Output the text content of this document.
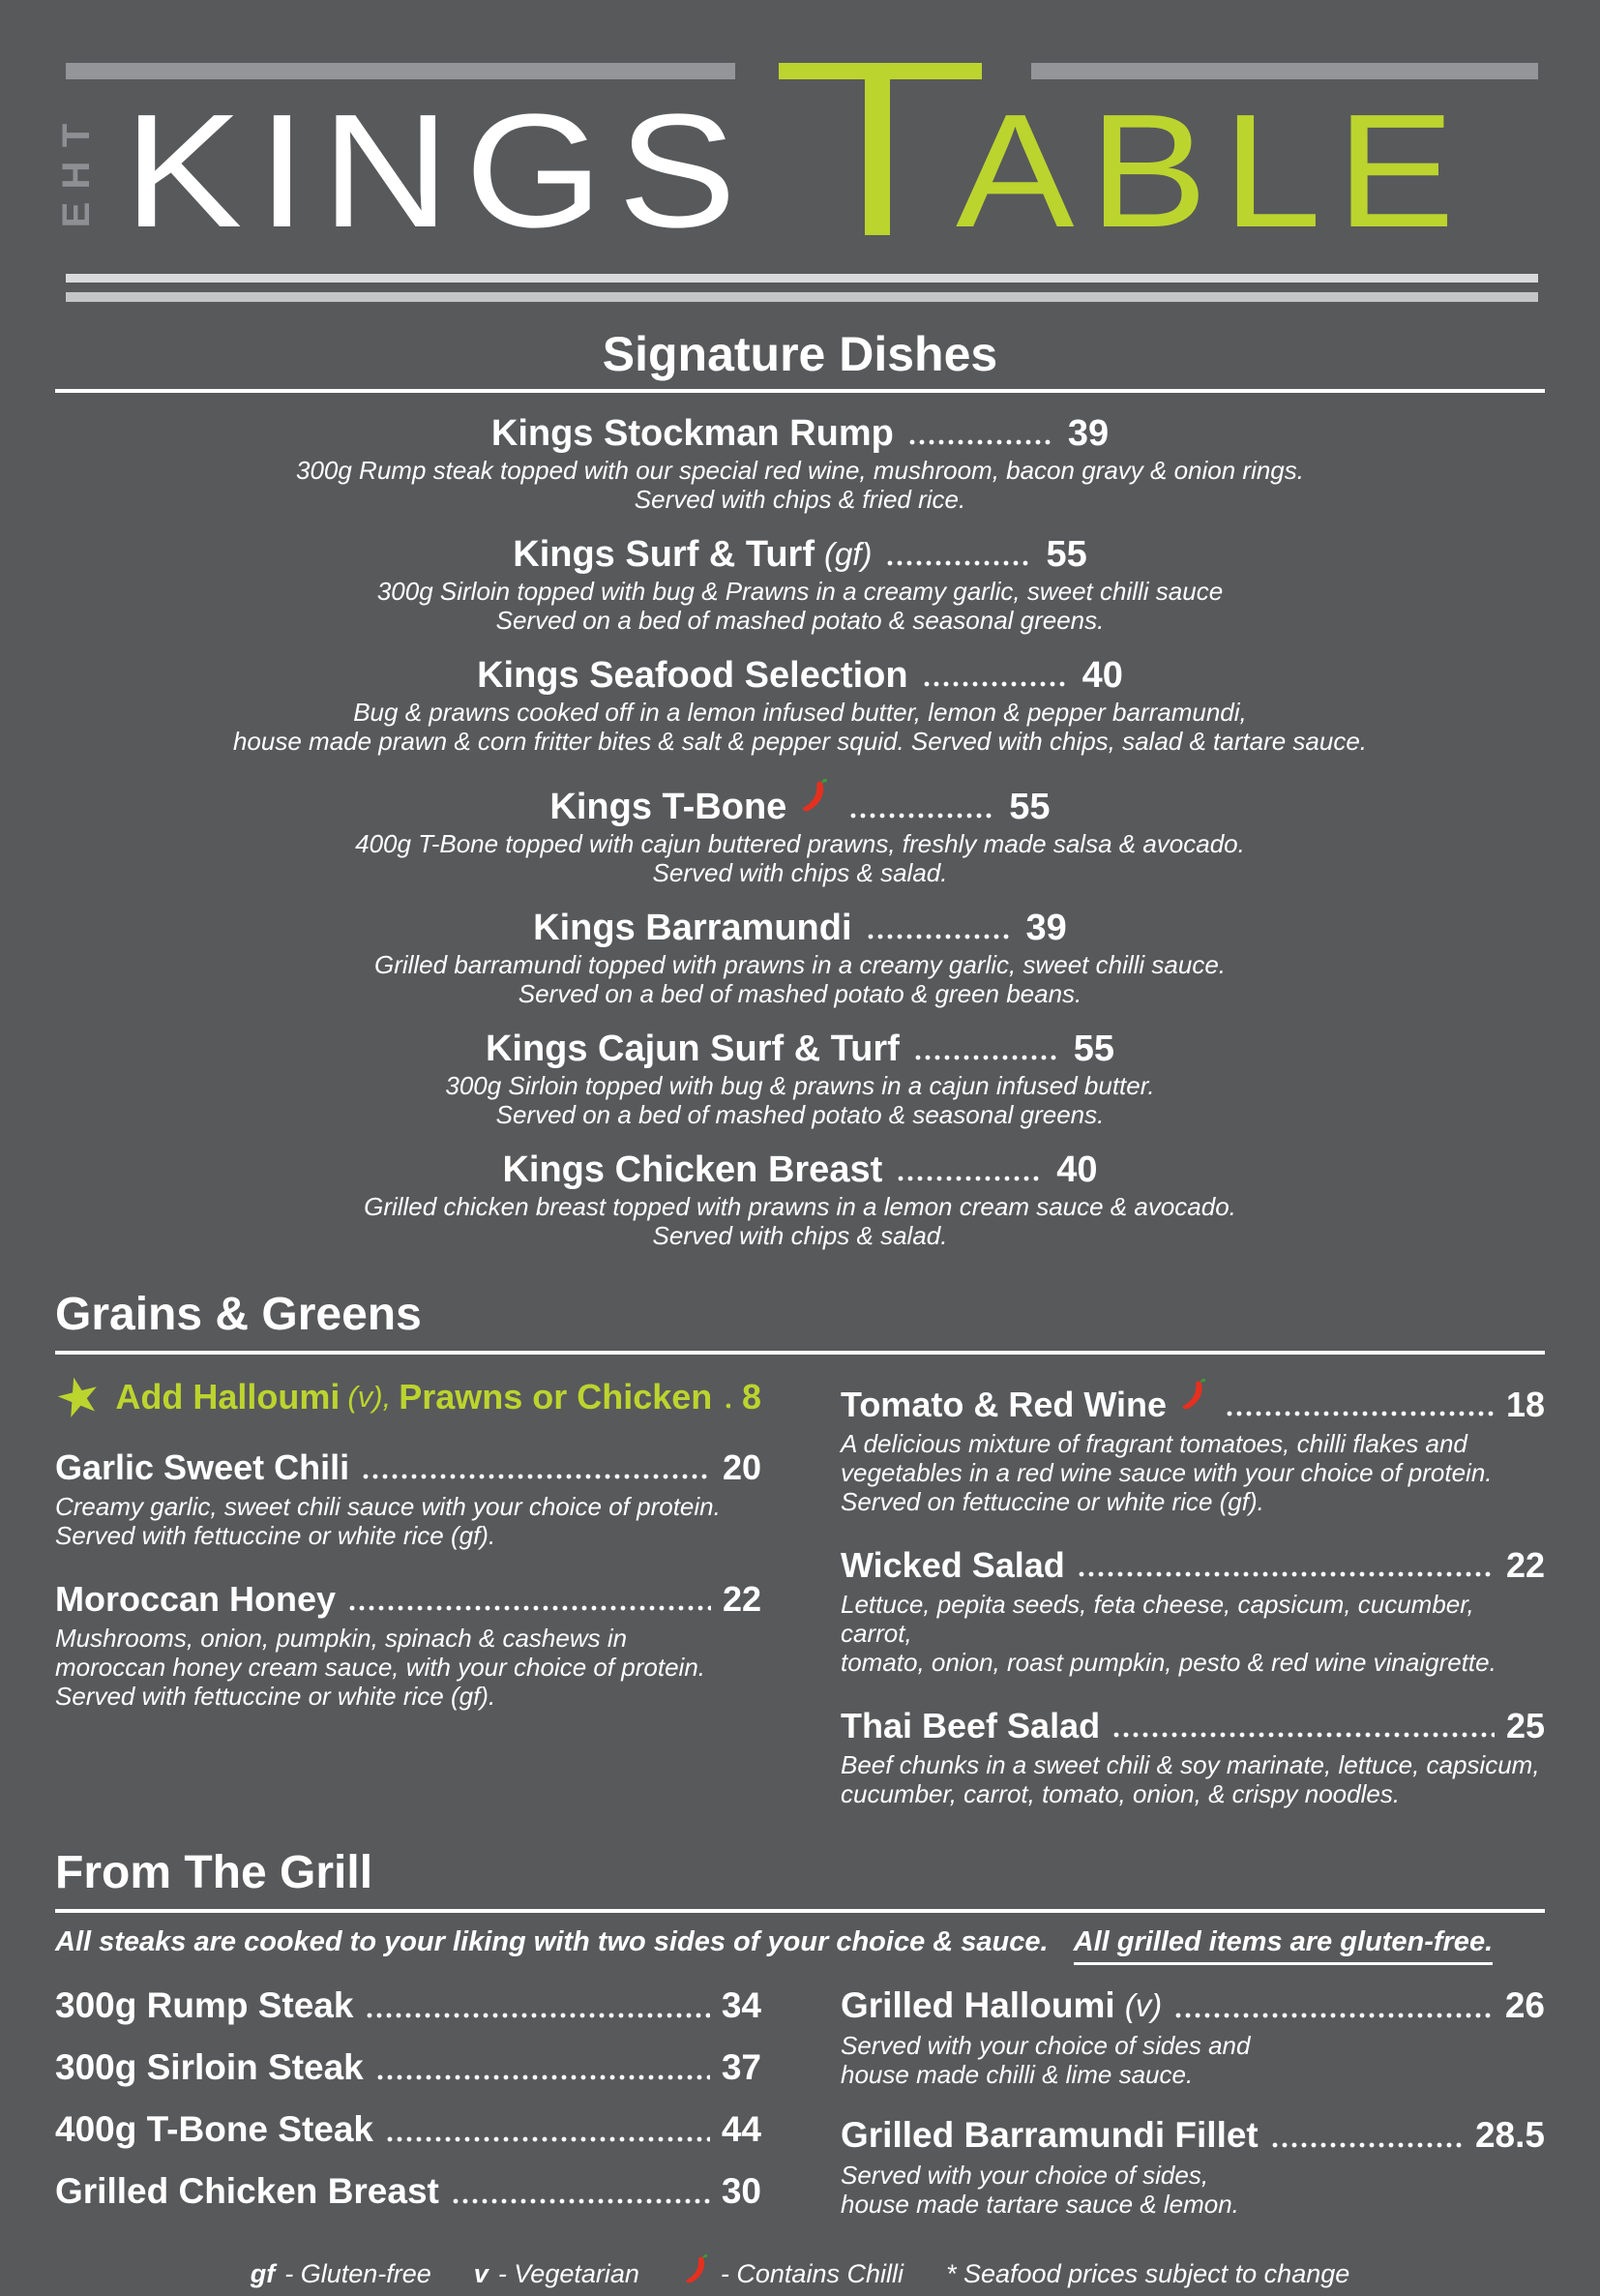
T
H
E KINGS ABLE
Signature Dishes
Kings Stockman Rump	39
300g Rump steak topped with our special red wine, mushroom, bacon gravy & onion rings.
Served with chips & fried rice.
Kings Surf & Turf (gf)	55
300g Sirloin topped with bug & Prawns in a creamy garlic, sweet chilli sauce
Served on a bed of mashed potato & seasonal greens.
Kings Seafood Selection	40
Bug & prawns cooked off in a lemon infused butter, lemon & pepper barramundi,
house made prawn & corn fritter bites & salt & pepper squid. Served with chips, salad & tartare sauce.
Kings T-Bone	55
400g T-Bone topped with cajun buttered prawns, freshly made salsa & avocado.
Served with chips & salad.
Kings Barramundi	39
Grilled barramundi topped with prawns in a creamy garlic, sweet chilli sauce.
Served on a bed of mashed potato & green beans.
Kings Cajun Surf & Turf	55
300g Sirloin topped with bug & prawns in a cajun infused butter.
Served on a bed of mashed potato & seasonal greens.
Kings Chicken Breast	40
Grilled chicken breast topped with prawns in a lemon cream sauce & avocado.
Served with chips & salad.
Grains & Greens
★ Add Halloumi (v), Prawns or Chicken 8
Garlic Sweet Chili	20
Creamy garlic, sweet chili sauce with your choice of protein.
Served with fettuccine or white rice (gf).
Moroccan Honey	22
Mushrooms, onion, pumpkin, spinach & cashews in
moroccan honey cream sauce, with your choice of protein.
Served with fettuccine or white rice (gf).
Tomato & Red Wine	18
A delicious mixture of fragrant tomatoes, chilli flakes and
vegetables in a red wine sauce with your choice of protein.
Served on fettuccine or white rice (gf).
Wicked Salad	22
Lettuce, pepita seeds, feta cheese, capsicum, cucumber, carrot,
tomato, onion, roast pumpkin, pesto & red wine vinaigrette.
Thai Beef Salad	25
Beef chunks in a sweet chili & soy marinate, lettuce, capsicum,
cucumber, carrot, tomato, onion, & crispy noodles.
From The Grill
All steaks are cooked to your liking with two sides of your choice & sauce. All grilled items are gluten-free.
300g Rump Steak	34
300g Sirloin Steak	37
400g T-Bone Steak	44
Grilled Chicken Breast	30
Grilled Halloumi (v)	26
Served with your choice of sides and
house made chilli & lime sauce.
Grilled Barramundi Fillet	28.5
Served with your choice of sides,
house made tartare sauce & lemon.
gf - Gluten-free v - Vegetarian	- Contains Chilli * Seafood prices subject to change
